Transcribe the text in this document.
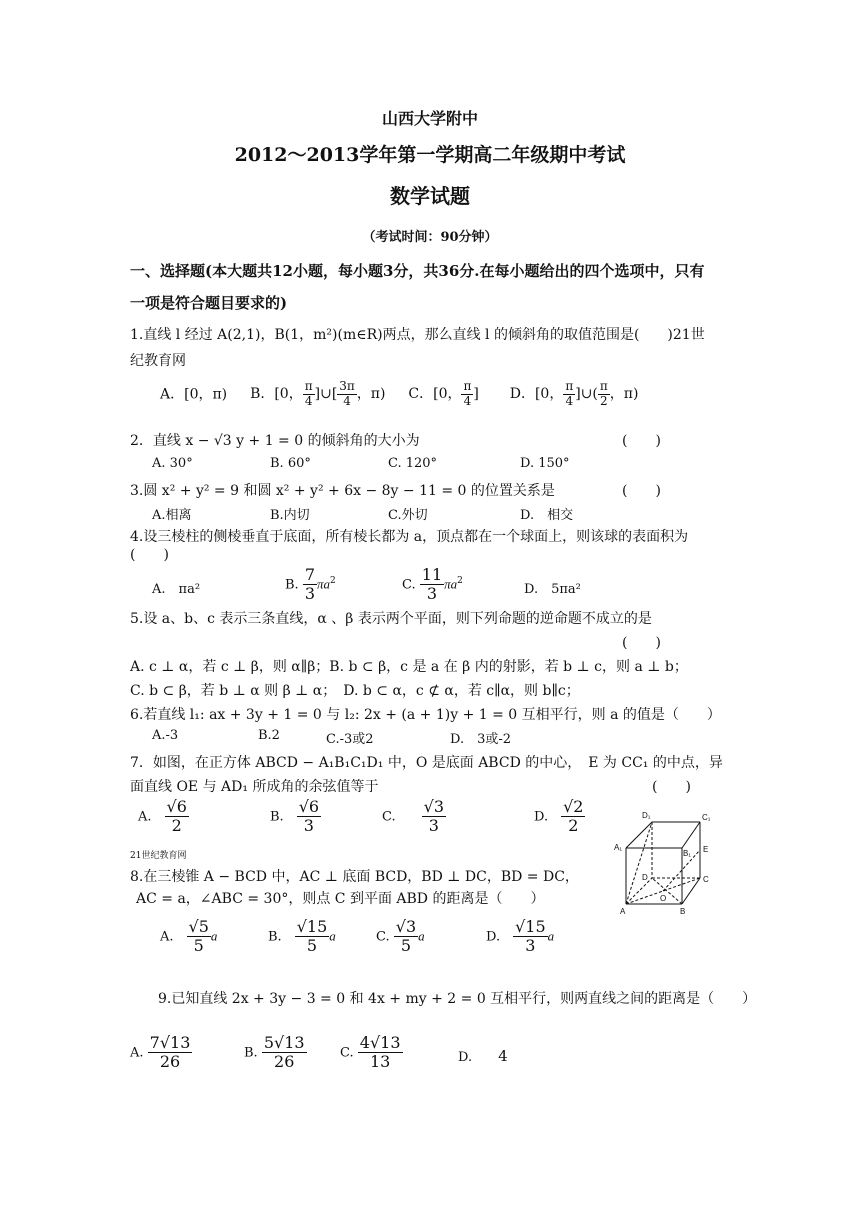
山西大学附中
2012～2013学年第一学期高二年级期中考试
数学试题
（考试时间：90分钟）
一、选择题(本大题共12小题，每小题3分，共36分.在每小题给出的四个选项中，只有
一项是符合题目要求的)
1.直线 l 经过 A(2,1)，B(1，m²)(m∈R)两点，那么直线 l 的倾斜角的取值范围是(　　)21世
纪教育网
A．[0，π) B．[0， $\frac{\pi}{4}$ ]∪[ $\frac{3\pi}{4}$ ，π) C．[0， $\frac{\pi}{4}$ ] D．[0， $\frac{\pi}{4}$ ]∪( $\frac{\pi}{2}$ ，π)
2．直线 x − √3 y + 1 = 0 的倾斜角的大小为	(　　)
A. 30°	B. 60°	C. 120°	D. 150°
3.圆 x² + y² = 9 和圆 x² + y² + 6x − 8y − 11 = 0 的位置关系是	(　　)
A.相离	B.内切	C.外切	D.　相交
4.设三棱柱的侧棱垂直于底面，所有棱长都为 a，顶点都在一个球面上，则该球的表面积为
(　　)
A.　πa²	B. $\frac{7}{3} \pi a^2$	C. $\frac{11}{3} \pi a^2$
D.　5πa²
5.设 a、b、c 表示三条直线，α 、β 表示两个平面，则下列命题的逆命题不成立的是
(　　)
A. c ⊥ α，若 c ⊥ β，则 α∥β；B. b ⊂ β，c 是 a 在 β 内的射影，若 b ⊥ c，则 a ⊥ b；
C. b ⊂ β，若 b ⊥ α 则 β ⊥ α；　D. b ⊂ α，c ⊄ α，若 c∥α，则 b∥c；
6.若直线 l₁: ax + 3y + 1 = 0 与 l₂: 2x + (a + 1)y + 1 = 0 互相平行，则 a 的值是（　　）
A.-3	B.2	C.-3或2	D.　3或-2
7．如图，在正方体 ABCD − A₁B₁C₁D₁ 中，O 是底面 ABCD 的中心，　E 为 CC₁ 的中点，异
面直线 OE 与 AD₁ 所成角的余弦值等于	(　　)
A.　 $\frac{√6}{2}$	B.　 $\frac{√6}{3}$	C.　　 $\frac{√3}{3}$	D.　 $\frac{√2}{2}$
21世纪教育网
D₁	C₁
A₁
B₁ E
D	C
O
A	B
8.在三棱锥 A − BCD 中，AC ⊥ 底面 BCD，BD ⊥ DC，BD = DC，
AC = a，∠ABC = 30°，则点 C 到平面 ABD 的距离是（　　）
A.　 $\frac{√5}{5}$ a	B.　 $\frac{√15}{5}$ a	C. $\frac{√3}{5}$ a	D.　 $\frac{√15}{3}$ a
9.已知直线 2x + 3y − 3 = 0 和 4x + my + 2 = 0 互相平行，则两直线之间的距离是（　　）
A. $\frac{7√13}{26}$	B. $\frac{5√13}{26}$	C. $\frac{4√13}{13}$	D.　　 4
